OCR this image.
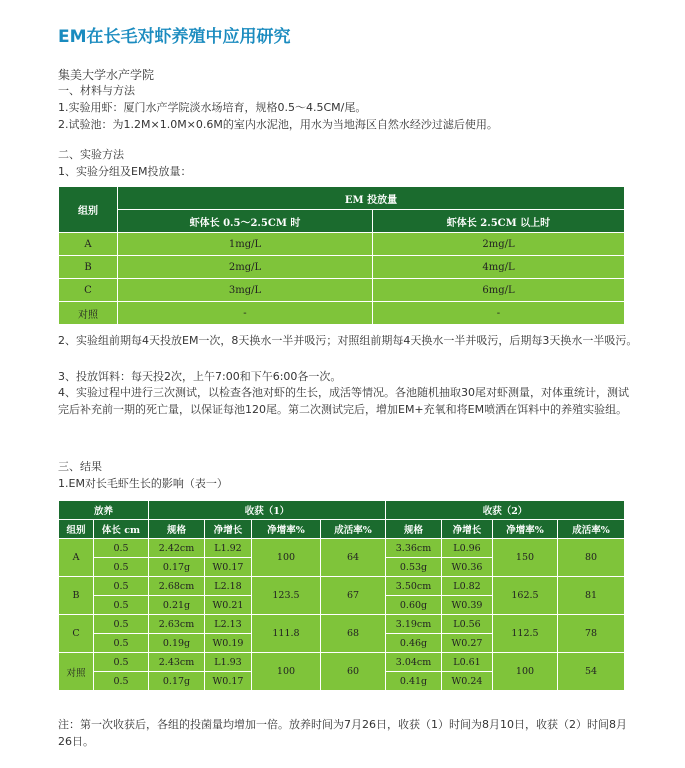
EM在长毛对虾养殖中应用研究
集美大学水产学院
一、材料与方法
1.实验用虾：厦门水产学院淡水场培育，规格0.5～4.5CM/尾。
2.试验池：为1.2M×1.0M×0.6M的室内水泥池，用水为当地海区自然水经沙过滤后使用。
二、实验方法
1、实验分组及EM投放量：
组别	EM 投放量	
	虾体长 0.5～2.5CM 时	虾体长 2.5CM 以上时
A	1mg/L	2mg/L
B	2mg/L	4mg/L
C	3mg/L	6mg/L
对照	-	-
2、实验组前期每4天投放EM一次，8天换水一半并吸污；对照组前期每4天换水一半并吸污，后期每3天换水一半吸污。
3、投放饵料：每天投2次，上午7:00和下午6:00各一次。
4、实验过程中进行三次测试，以检查各池对虾的生长，成活等情况。各池随机抽取30尾对虾测量，对体重统计，测试完后补充前一期的死亡量，以保证每池120尾。第二次测试完后，增加EM+充氧和将EM喷洒在饵料中的养殖实验组。
三、结果
1.EM对长毛虾生长的影响（表一）
放养		收获（1）				收获（2）			
组别	体长 cm	规格	净增长	净增率%	成活率%	规格	净增长	净增率%	成活率%
A	0.5	2.42cm	L1.92	100	64	3.36cm	L0.96	150	80
	0.5	0.17g	W0.17			0.53g	W0.36		
B	0.5	2.68cm	L2.18	123.5	67	3.50cm	L0.82	162.5	81
	0.5	0.21g	W0.21			0.60g	W0.39		
C	0.5	2.63cm	L2.13	111.8	68	3.19cm	L0.56	112.5	78
	0.5	0.19g	W0.19			0.46g	W0.27		
对照	0.5	2.43cm	L1.93	100	60	3.04cm	L0.61	100	54
	0.5	0.17g	W0.17			0.41g	W0.24		
注：第一次收获后，各组的投菌量均增加一倍。放养时间为7月26日，收获（1）时间为8月10日，收获（2）时间8月26日。
